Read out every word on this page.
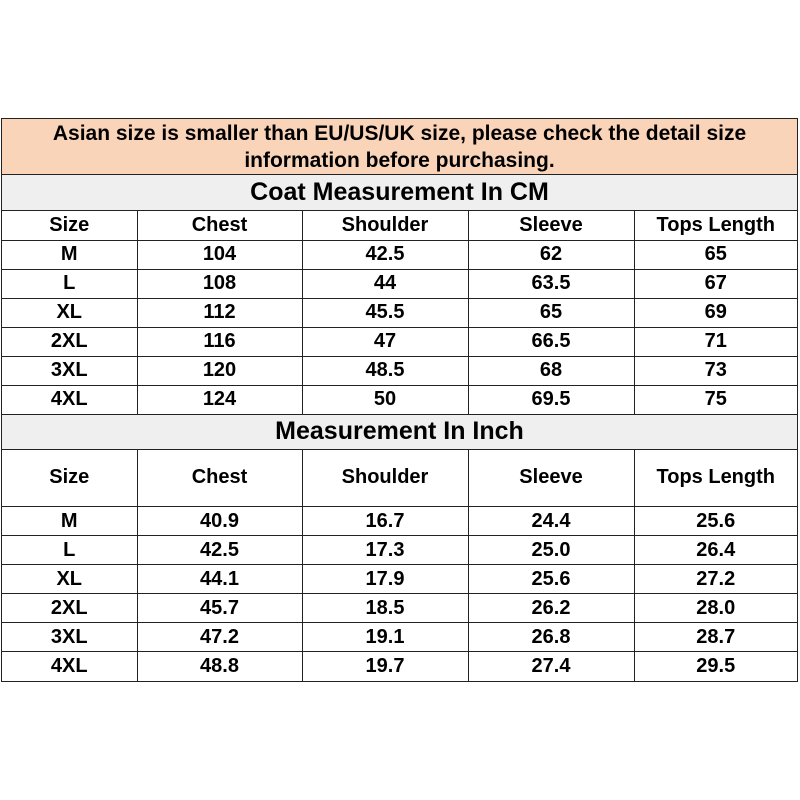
Asian size is smaller than EU/US/UK size, please check the detail size information before purchasing.
Coat Measurement In CM
Size	Chest	Shoulder	Sleeve	Tops Length
M	104	42.5	62	65
L	108	44	63.5	67
XL	112	45.5	65	69
2XL	116	47	66.5	71
3XL	120	48.5	68	73
4XL	124	50	69.5	75
Measurement In Inch
Size	Chest	Shoulder	Sleeve	Tops Length
M	40.9	16.7	24.4	25.6
L	42.5	17.3	25.0	26.4
XL	44.1	17.9	25.6	27.2
2XL	45.7	18.5	26.2	28.0
3XL	47.2	19.1	26.8	28.7
4XL	48.8	19.7	27.4	29.5
